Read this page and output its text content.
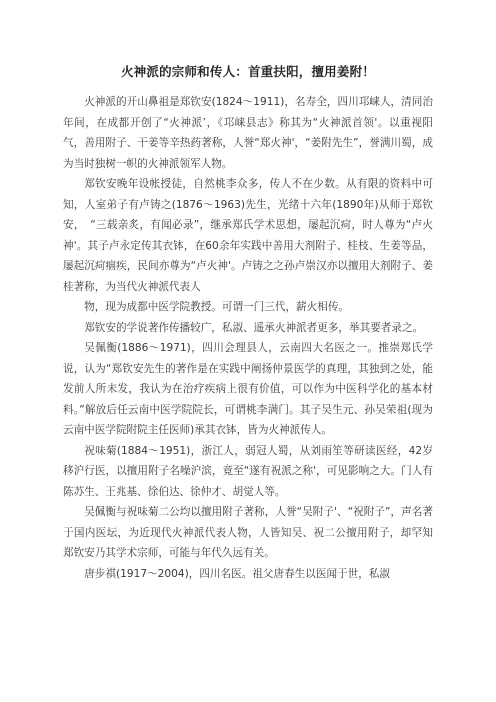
火神派的宗师和传人：首重扶阳，擅用姜附！

火神派的开山鼻祖是郑钦安(1824～1911)，名寿全，四川邛崃人，清同治年间，在成都开创了“火神派’，《邛崃县志》称其为“火神派首领'。以重视阳气，善用附子、干姜等辛热药著称，人誉“郑火神'，“姜附先生”，誉满川蜀，成为当时独树一帜的火神派领军人物。

郑钦安晚年设帐授徒，自然桃李众多，传人不在少数。从有限的资料中可知，人室弟子有卢铸之(1876～1963)先生，光绪十六年(1890年)从师于郑钦安，　“三载亲炙，有闻必录”，继承郑氏学术思想，屡起沉疴，时人尊为“卢火神'。其子卢永定传其衣钵，在60余年实践中善用大剂附子、桂枝、生姜等品，屡起沉疴痼疾，民间亦尊为“卢火神'。卢铸之之孙卢崇汉亦以擅用大剂附子、姜桂著称，为当代火神派代表人

物，现为成都中医学院教授。可谓一门三代，薪火相传。

郑钦安的学说著作传播较广，私淑、遥承火神派者更多，举其要者录之。

吴佩衡(1886～1971)，四川会理县人，云南四大名医之一。推崇郑氏学说，认为“郑钦安先生的著作是在实践中阐扬仲景医学的真理，其独到之处，能发前人所未发，我认为在治疗疾病上很有价值，可以作为中医科学化的基本材料。”解放后任云南中医学院院长，可谓桃李满门。其子吴生元、孙吴荣祖(现为云南中医学院附院主任医师)承其衣钵，皆为火神派传人。

祝味菊(1884～1951)，浙江人，弱冠人蜀，从刘雨笙等研读医经，42岁移沪行医，以擅用附子名噪沪滨，竟至“遂有祝派之称'，可见影响之大。门人有陈苏生、王兆基、徐伯达、徐仲才、胡觉人等。

吴佩衡与祝味菊二公均以擅用附子著称，人誉“吴附子'、“祝附子”，声名著于国内医坛，为近现代火神派代表人物，人皆知吴、祝二公擅用附子，却罕知郑钦安乃其学术宗师，可能与年代久远有关。

唐步祺(1917～2004)，四川名医。祖父唐春生以医闻于世，私淑
